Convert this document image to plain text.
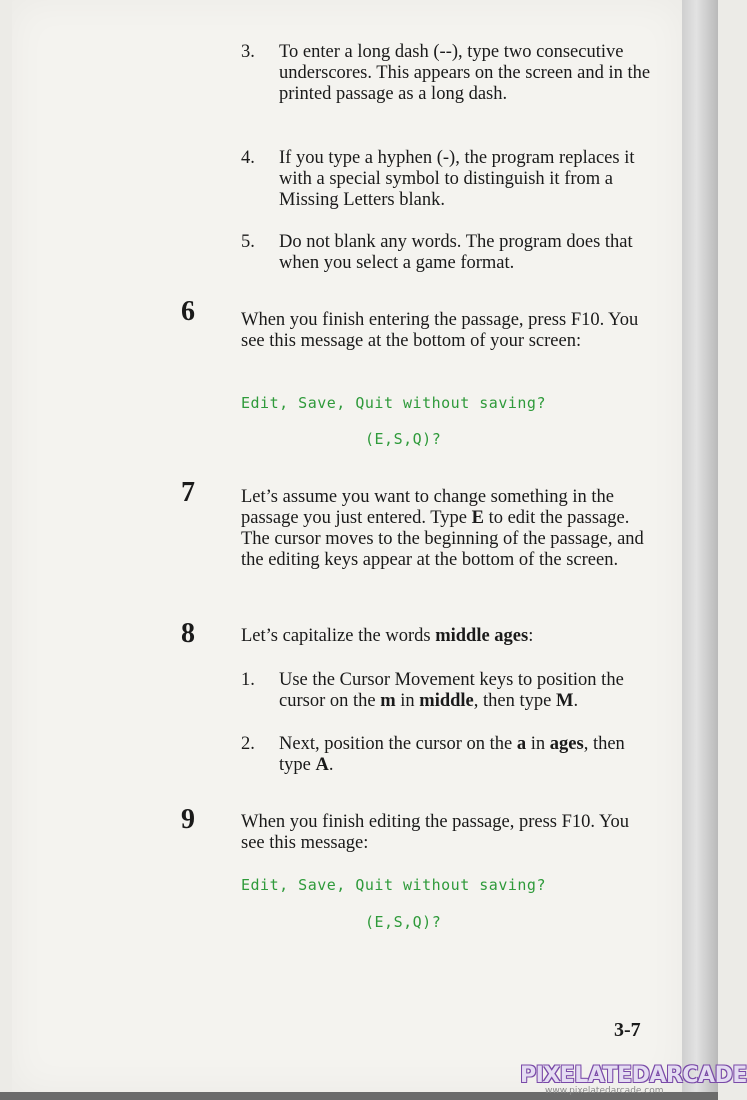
3. To enter a long dash (--), type two consecutive underscores. This appears on the screen and in the printed passage as a long dash.
4. If you type a hyphen (-), the program replaces it with a special symbol to distinguish it from a Missing Letters blank.
5. Do not blank any words. The program does that when you select a game format.
6 When you finish entering the passage, press F10. You see this message at the bottom of your screen:
Edit, Save, Quit without saving?
(E,S,Q)?
7 Let’s assume you want to change something in the passage you just entered. Type E to edit the passage. The cursor moves to the beginning of the passage, and the editing keys appear at the bottom of the screen.
8 Let’s capitalize the words middle ages:
1. Use the Cursor Movement keys to position the cursor on the m in middle, then type M.
2. Next, position the cursor on the a in ages, then type A.
9 When you finish editing the passage, press F10. You see this message:
Edit, Save, Quit without saving?
(E,S,Q)?
3-7
PIXELATEDARCADE
www.pixelatedarcade.com
